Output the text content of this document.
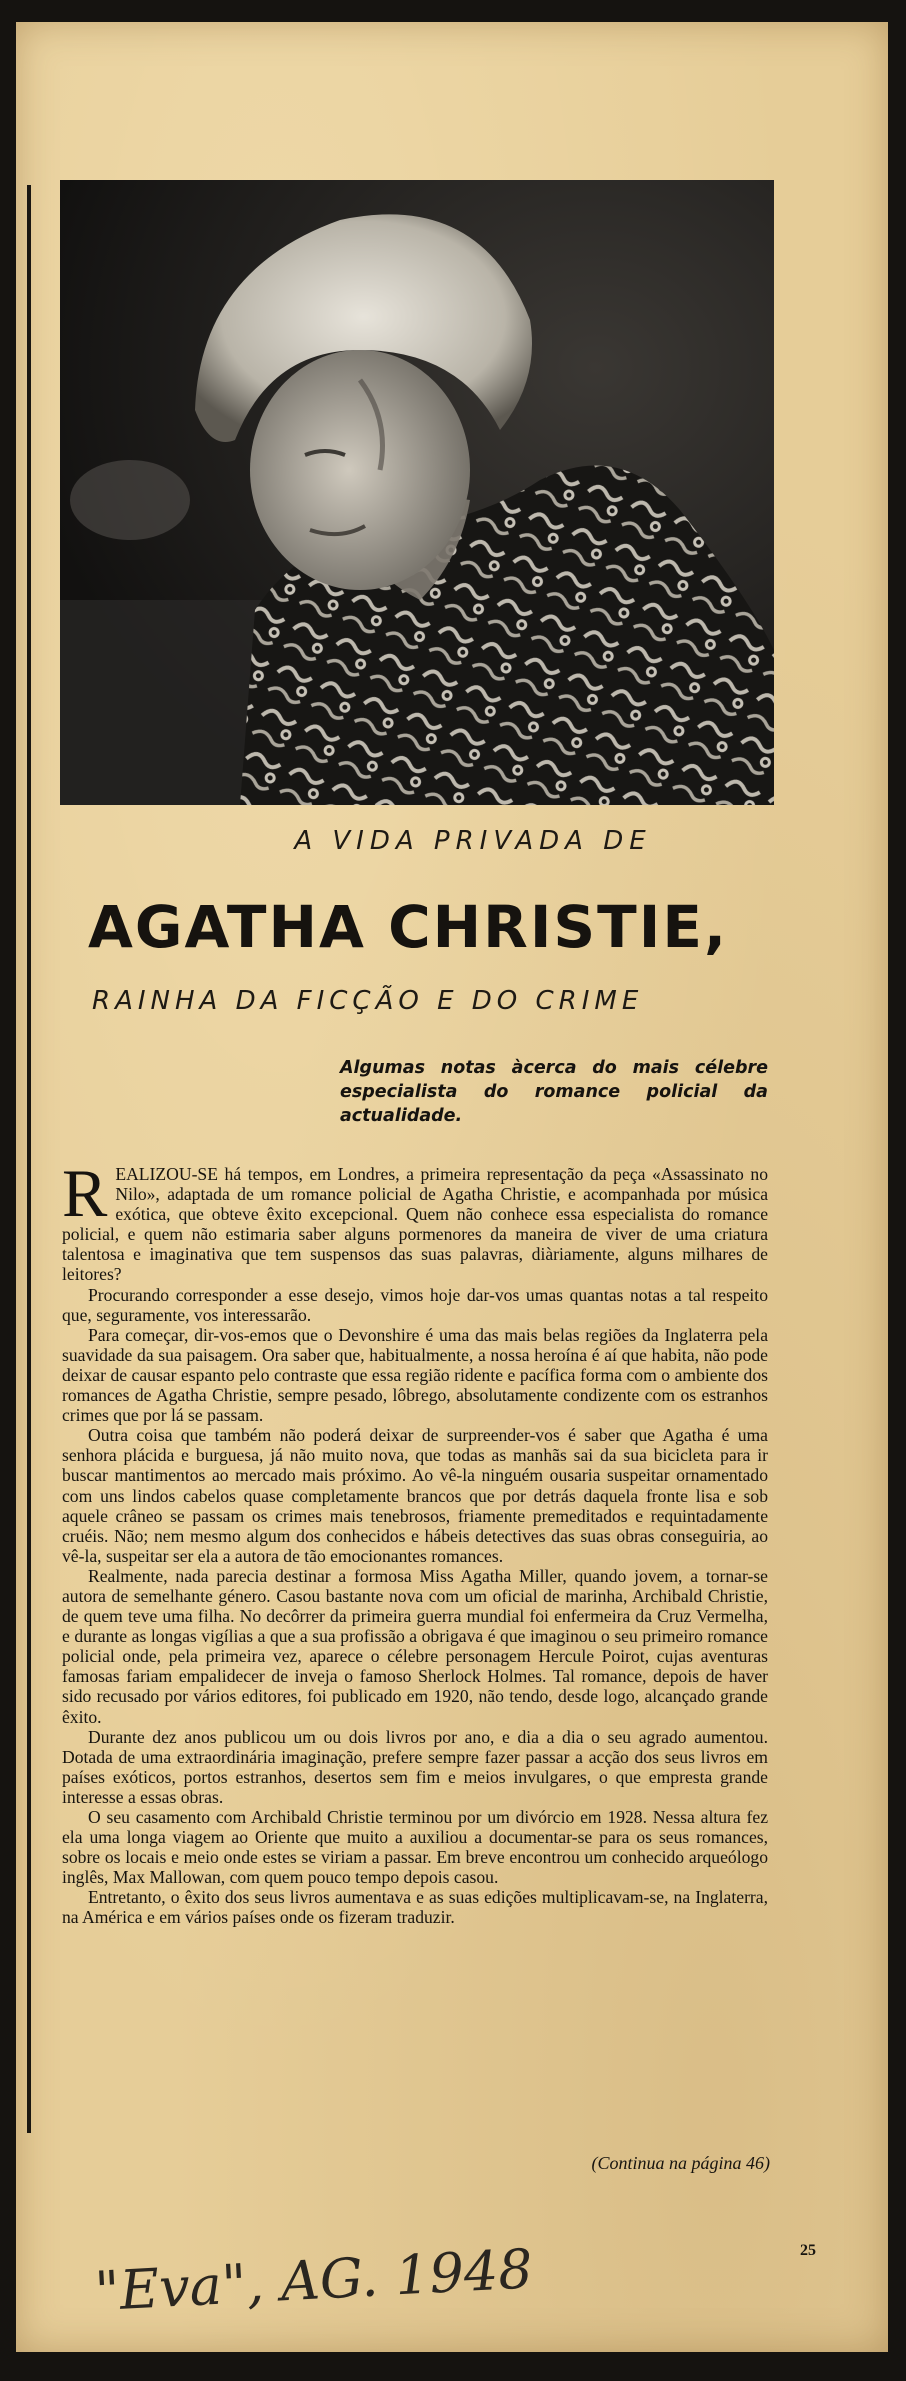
A VIDA PRIVADA DE
AGATHA CHRISTIE,
RAINHA DA FICÇÃO E DO CRIME
Algumas notas àcerca do mais célebre especialista do romance policial da actualidade.

REALIZOU-SE há tempos, em Londres, a primeira representação da peça «Assassinato no Nilo», adaptada de um romance policial de Agatha Christie, e acompanhada por música exótica, que obteve êxito excepcional. Quem não conhece essa especialista do romance policial, e quem não estimaria saber alguns pormenores da maneira de viver de uma criatura talentosa e imaginativa que tem suspensos das suas palavras, diàriamente, alguns milhares de leitores?

Procurando corresponder a esse desejo, vimos hoje dar-vos umas quantas notas a tal respeito que, seguramente, vos interessarão.

Para começar, dir-vos-emos que o Devonshire é uma das mais belas regiões da Inglaterra pela suavidade da sua paisagem. Ora saber que, habitualmente, a nossa heroína é aí que habita, não pode deixar de causar espanto pelo contraste que essa região ridente e pacífica forma com o ambiente dos romances de Agatha Christie, sempre pesado, lôbrego, absolutamente condizente com os estranhos crimes que por lá se passam.

Outra coisa que também não poderá deixar de surpreender-vos é saber que Agatha é uma senhora plácida e burguesa, já não muito nova, que todas as manhãs sai da sua bicicleta para ir buscar mantimentos ao mercado mais próximo. Ao vê-la ninguém ousaria suspeitar ornamentado com uns lindos cabelos quase completamente brancos que por detrás daquela fronte lisa e sob aquele crâneo se passam os crimes mais tenebrosos, friamente premeditados e requintadamente cruéis. Não; nem mesmo algum dos conhecidos e hábeis detectives das suas obras conseguiria, ao vê-la, suspeitar ser ela a autora de tão emocionantes romances.

Realmente, nada parecia destinar a formosa Miss Agatha Miller, quando jovem, a tornar-se autora de semelhante género. Casou bastante nova com um oficial de marinha, Archibald Christie, de quem teve uma filha. No decôrrer da primeira guerra mundial foi enfermeira da Cruz Vermelha, e durante as longas vigílias a que a sua profissão a obrigava é que imaginou o seu primeiro romance policial onde, pela primeira vez, aparece o célebre personagem Hercule Poirot, cujas aventuras famosas fariam empalidecer de inveja o famoso Sherlock Holmes. Tal romance, depois de haver sido recusado por vários editores, foi publicado em 1920, não tendo, desde logo, alcançado grande êxito.

Durante dez anos publicou um ou dois livros por ano, e dia a dia o seu agrado aumentou. Dotada de uma extraordinária imaginação, prefere sempre fazer passar a acção dos seus livros em países exóticos, portos estranhos, desertos sem fim e meios invulgares, o que empresta grande interesse a essas obras.

O seu casamento com Archibald Christie terminou por um divórcio em 1928. Nessa altura fez ela uma longa viagem ao Oriente que muito a auxiliou a documentar-se para os seus romances, sobre os locais e meio onde estes se viriam a passar. Em breve encontrou um conhecido arqueólogo inglês, Max Mallowan, com quem pouco tempo depois casou.

Entretanto, o êxito dos seus livros aumentava e as suas edições multiplicavam-se, na Inglaterra, na América e em vários países onde os fizeram traduzir.

(Continua na página 46)
25
"Eva", AG. 1948
